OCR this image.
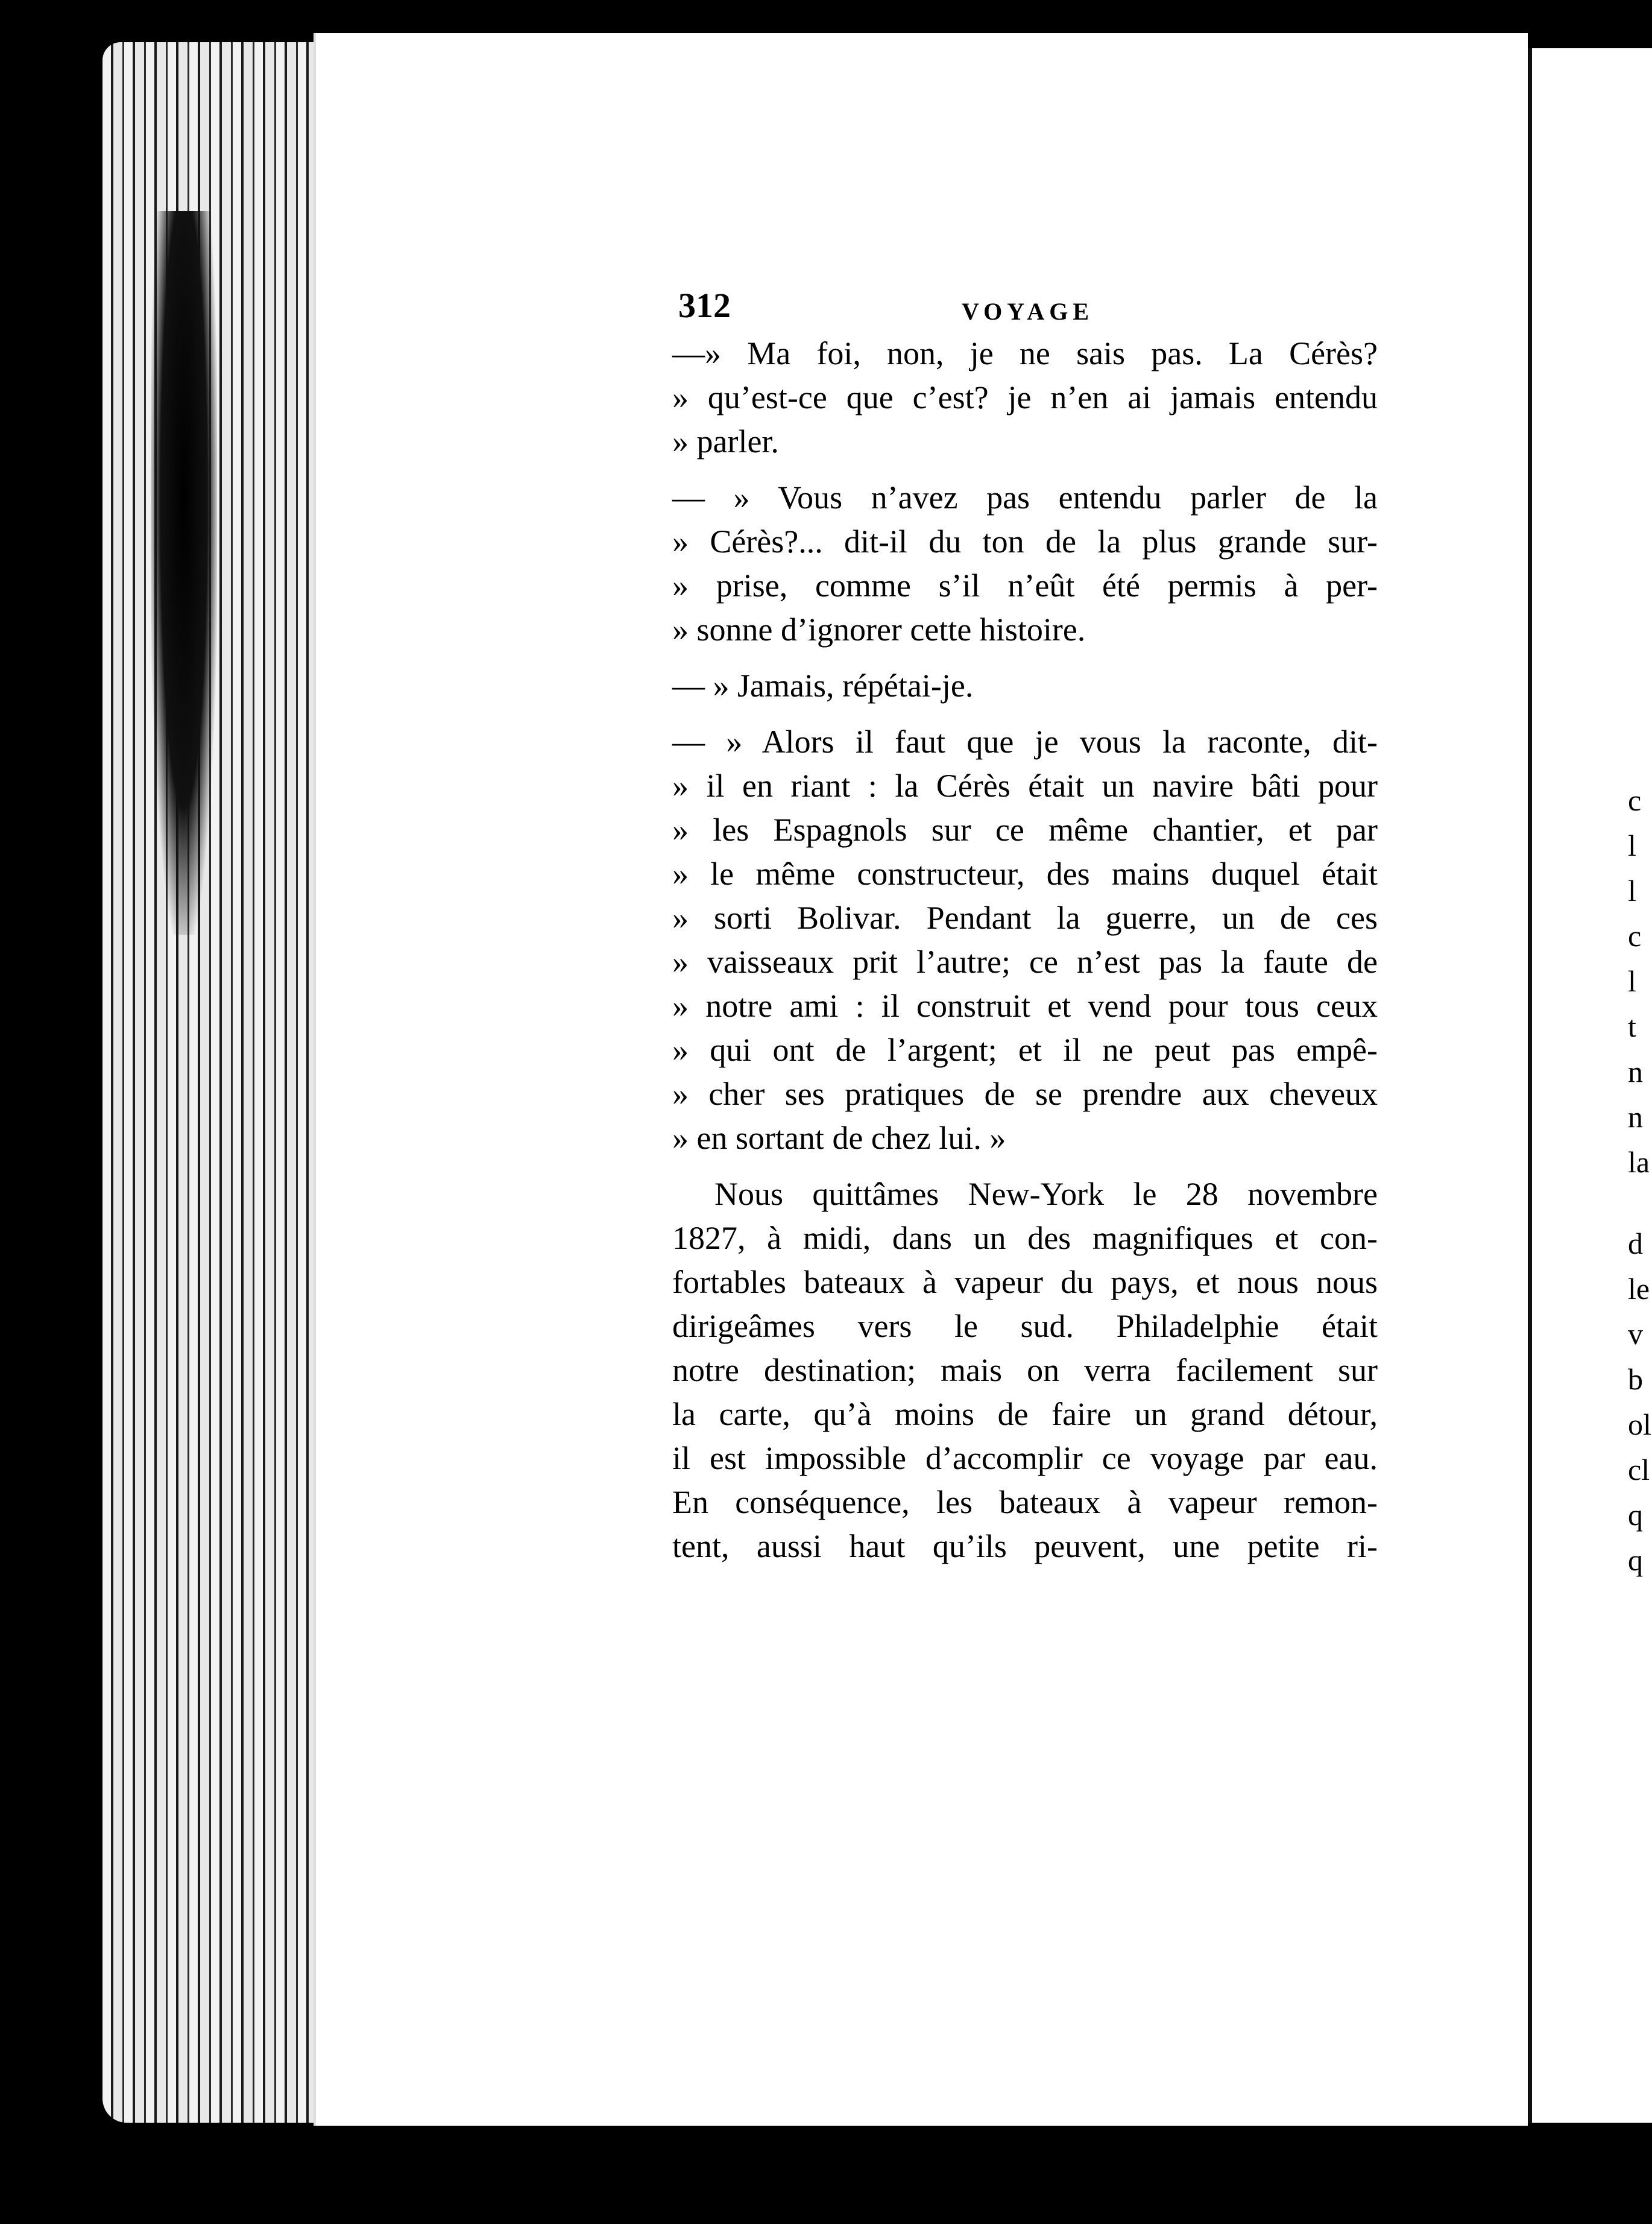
c
l
l
c
l
t
n
n
la
d
le
v
b
ol
cl
q
q
312	VOYAGE
—» Ma foi, non, je ne sais pas. La Cérès?
» qu’est-ce que c’est? je n’en ai jamais entendu
» parler.
— » Vous n’avez pas entendu parler de la
» Cérès?... dit-il du ton de la plus grande sur-
» prise, comme s’il n’eût été permis à per-
» sonne d’ignorer cette histoire.
— » Jamais, répétai-je.
— » Alors il faut que je vous la raconte, dit-
» il en riant : la Cérès était un navire bâti pour
» les Espagnols sur ce même chantier, et par
» le même constructeur, des mains duquel était
» sorti Bolivar. Pendant la guerre, un de ces
» vaisseaux prit l’autre; ce n’est pas la faute de
» notre ami : il construit et vend pour tous ceux
» qui ont de l’argent; et il ne peut pas empê-
» cher ses pratiques de se prendre aux cheveux
» en sortant de chez lui. »
Nous quittâmes New-York le 28 novembre
1827, à midi, dans un des magnifiques et con-
fortables bateaux à vapeur du pays, et nous nous
dirigeâmes vers le sud. Philadelphie était
notre destination; mais on verra facilement sur
la carte, qu’à moins de faire un grand détour,
il est impossible d’accomplir ce voyage par eau.
En conséquence, les bateaux à vapeur remon-
tent, aussi haut qu’ils peuvent, une petite ri-
